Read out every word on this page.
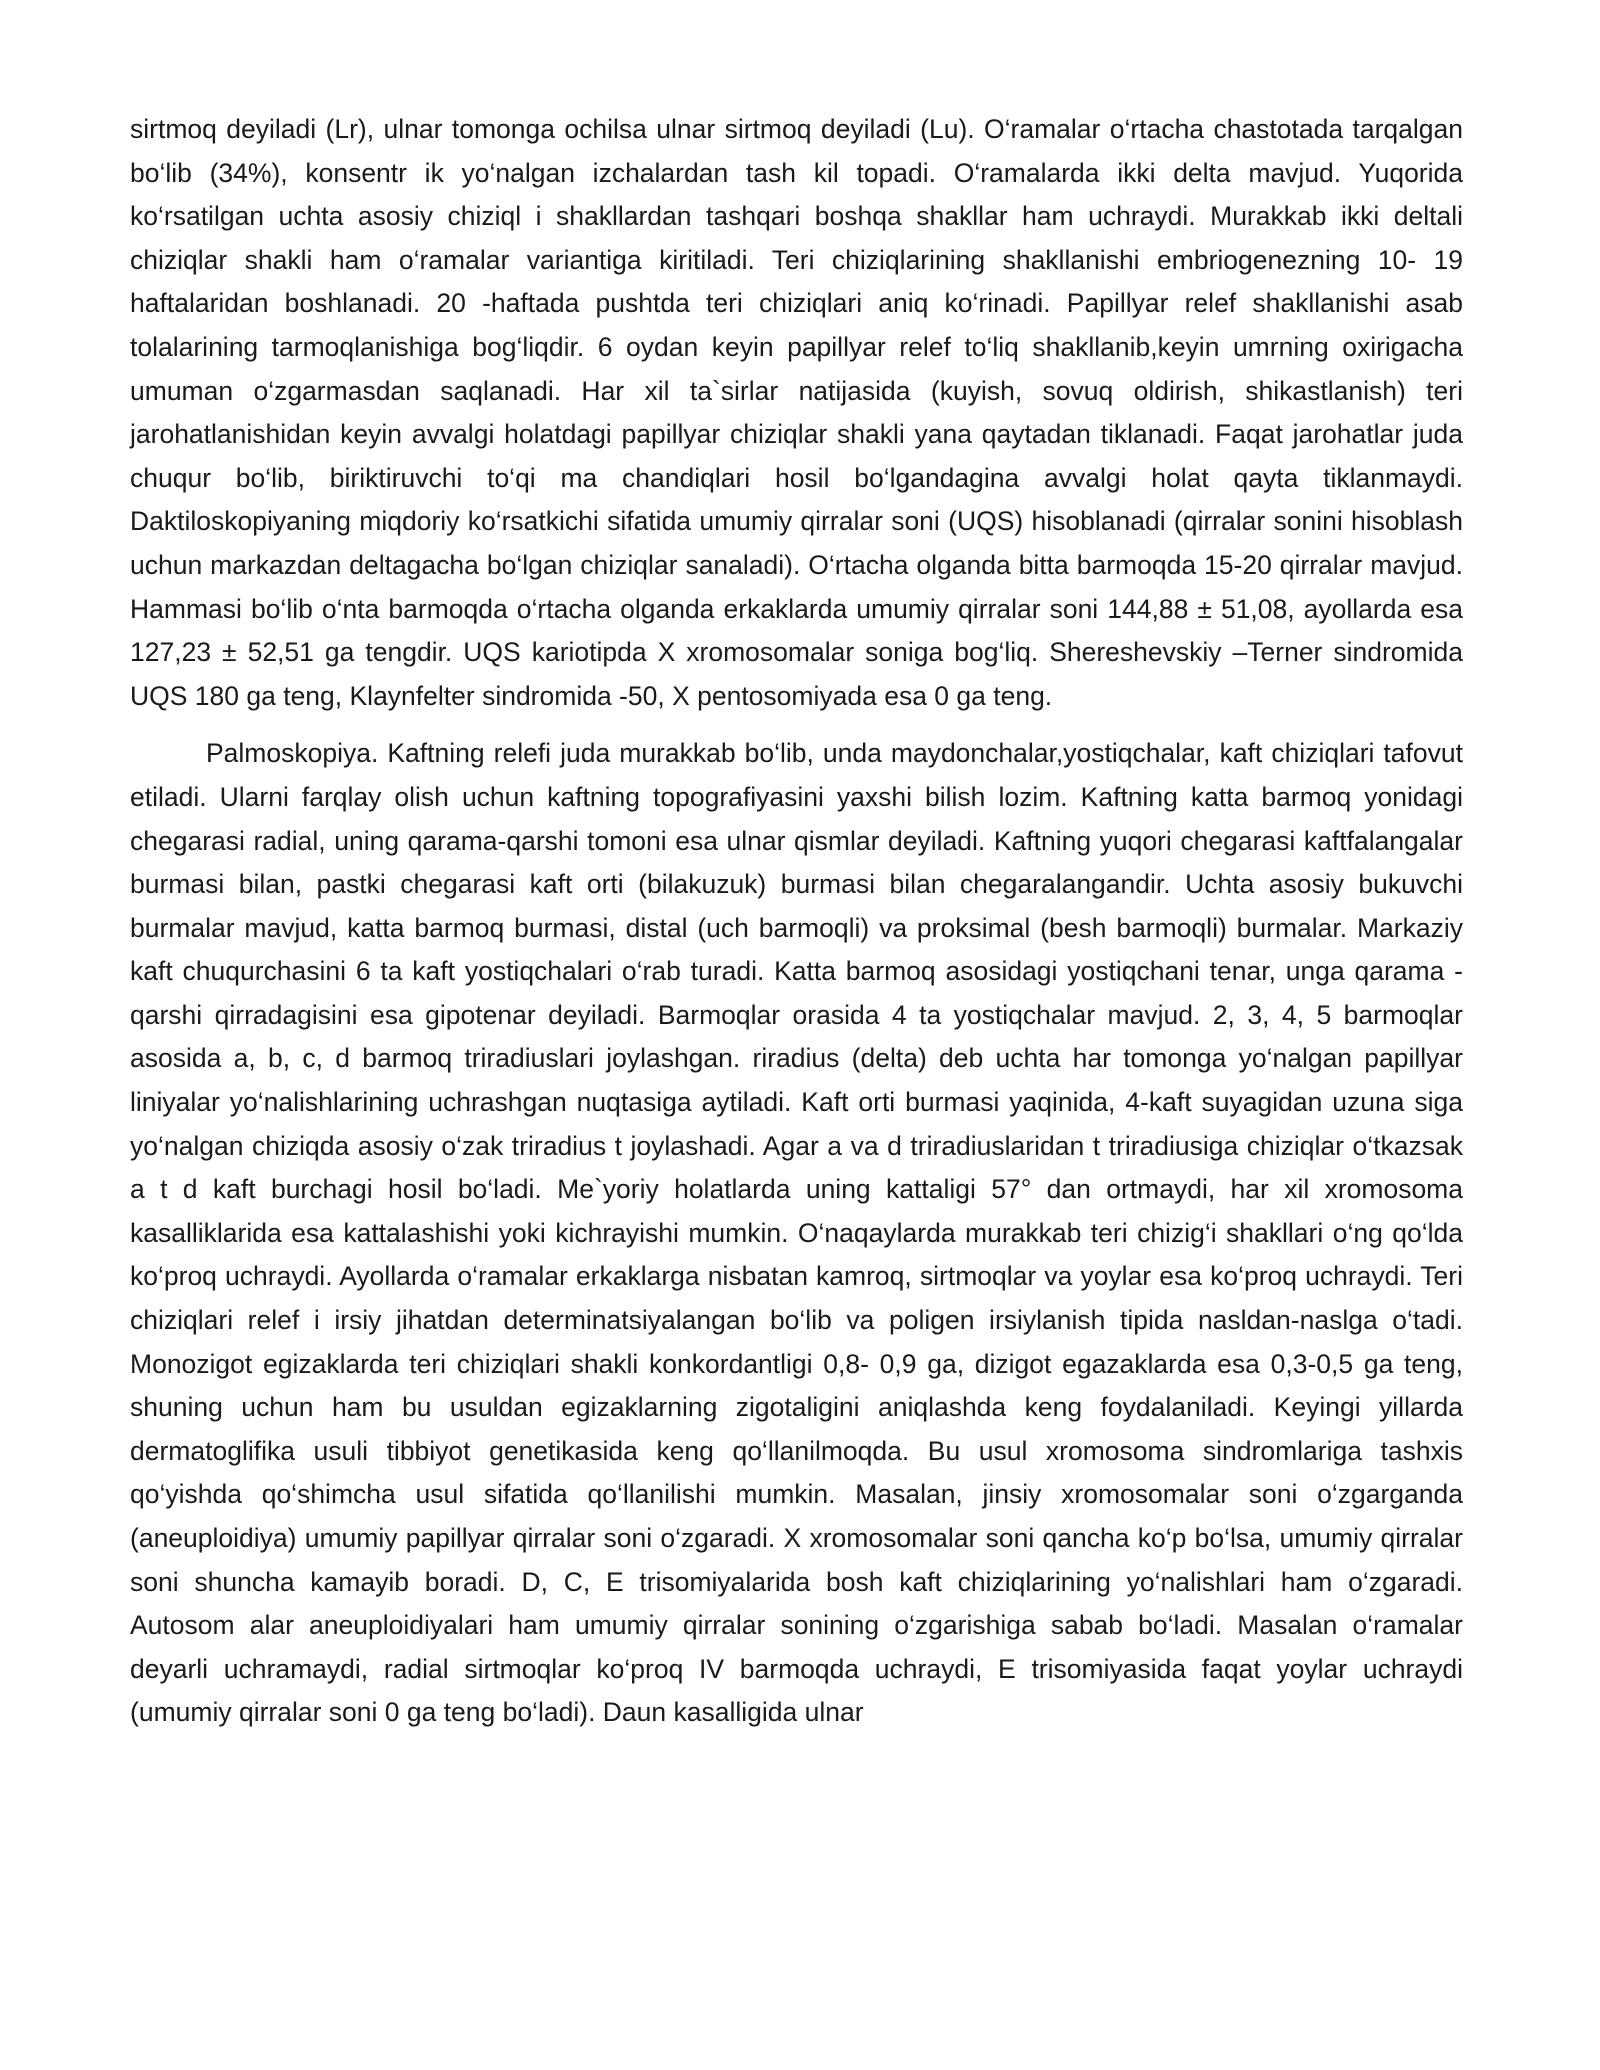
sirtmoq deyiladi (Lr), ulnar tomonga ochilsa ulnar sirtmoq deyiladi (Lu). O‘ramalar o‘rtacha chastotada tarqalgan bo‘lib (34%), konsentr ik yo‘nalgan izchalardan tash kil topadi. O‘ramalarda ikki delta mavjud. Yuqorida ko‘rsatilgan uchta asosiy chiziql i shakllardan tashqari boshqa shakllar ham uchraydi. Murakkab ikki deltali chiziqlar shakli ham o‘ramalar variantiga kiritiladi. Teri chiziqlarining shakllanishi embriogenezning 10- 19 haftalaridan boshlanadi. 20 -haftada pushtda teri chiziqlari aniq ko‘rinadi. Papillyar relef shakllanishi asab tolalarining tarmoqlanishiga bog‘liqdir. 6 oydan keyin papillyar relef to‘liq shakllanib,keyin umrning oxirigacha umuman o‘zgarmasdan saqlanadi. Har xil ta`sirlar natijasida (kuyish, sovuq oldirish, shikastlanish) teri jarohatlanishidan keyin avvalgi holatdagi papillyar chiziqlar shakli yana qaytadan tiklanadi. Faqat jarohatlar juda chuqur bo‘lib, biriktiruvchi to‘qi ma chandiqlari hosil bo‘lgandagina avvalgi holat qayta tiklanmaydi. Daktiloskopiyaning miqdoriy ko‘rsatkichi sifatida umumiy qirralar soni (UQS) hisoblanadi (qirralar sonini hisoblash uchun markazdan deltagacha bo‘lgan chiziqlar sanaladi). O‘rtacha olganda bitta barmoqda 15-20 qirralar mavjud. Hammasi bo‘lib o‘nta barmoqda o‘rtacha olganda erkaklarda umumiy qirralar soni 144,88 ± 51,08, ayollarda esa 127,23 ± 52,51 ga tengdir. UQS kariotipda X xromosomalar soniga bog‘liq. Shereshevskiy –Terner sindromida UQS 180 ga teng, Klaynfelter sindromida -50, X pentosomiyada esa 0 ga teng.

Palmoskopiya. Kaftning relefi juda murakkab bo‘lib, unda maydonchalar,yostiqchalar, kaft chiziqlari tafovut etiladi. Ularni farqlay olish uchun kaftning topografiyasini yaxshi bilish lozim. Kaftning katta barmoq yonidagi chegarasi radial, uning qarama-qarshi tomoni esa ulnar qismlar deyiladi. Kaftning yuqori chegarasi kaftfalangalar burmasi bilan, pastki chegarasi kaft orti (bilakuzuk) burmasi bilan chegaralangandir. Uchta asosiy bukuvchi burmalar mavjud, katta barmoq burmasi, distal (uch barmoqli) va proksimal (besh barmoqli) burmalar. Markaziy kaft chuqurchasini 6 ta kaft yostiqchalari o‘rab turadi. Katta barmoq asosidagi yostiqchani tenar, unga qarama - qarshi qirradagisini esa gipotenar deyiladi. Barmoqlar orasida 4 ta yostiqchalar mavjud. 2, 3, 4, 5 barmoqlar asosida a, b, c, d barmoq triradiuslari joylashgan. riradius (delta) deb uchta har tomonga yo‘nalgan papillyar liniyalar yo‘nalishlarining uchrashgan nuqtasiga aytiladi. Kaft orti burmasi yaqinida, 4-kaft suyagidan uzuna siga yo‘nalgan chiziqda asosiy o‘zak triradius t joylashadi. Agar a va d triradiuslaridan t triradiusiga chiziqlar o‘tkazsak a t d kaft burchagi hosil bo‘ladi. Me`yoriy holatlarda uning kattaligi 57° dan ortmaydi, har xil xromosoma kasalliklarida esa kattalashishi yoki kichrayishi mumkin. O‘naqaylarda murakkab teri chizig‘i shakllari o‘ng qo‘lda ko‘proq uchraydi. Ayollarda o‘ramalar erkaklarga nisbatan kamroq, sirtmoqlar va yoylar esa ko‘proq uchraydi. Teri chiziqlari relef i irsiy jihatdan determinatsiyalangan bo‘lib va poligen irsiylanish tipida nasldan-naslga o‘tadi. Monozigot egizaklarda teri chiziqlari shakli konkordantligi 0,8- 0,9 ga, dizigot egazaklarda esa 0,3-0,5 ga teng, shuning uchun ham bu usuldan egizaklarning zigotaligini aniqlashda keng foydalaniladi. Keyingi yillarda dermatoglifika usuli tibbiyot genetikasida keng qo‘llanilmoqda. Bu usul xromosoma sindromlariga tashxis qo‘yishda qo‘shimcha usul sifatida qo‘llanilishi mumkin. Masalan, jinsiy xromosomalar soni o‘zgarganda (aneuploidiya) umumiy papillyar qirralar soni o‘zgaradi. X xromosomalar soni qancha ko‘p bo‘lsa, umumiy qirralar soni shuncha kamayib boradi. D, C, E trisomiyalarida bosh kaft chiziqlarining yo‘nalishlari ham o‘zgaradi. Autosom alar aneuploidiyalari ham umumiy qirralar sonining o‘zgarishiga sabab bo‘ladi. Masalan o‘ramalar deyarli uchramaydi, radial sirtmoqlar ko‘proq IV barmoqda uchraydi, E trisomiyasida faqat yoylar uchraydi (umumiy qirralar soni 0 ga teng bo‘ladi). Daun kasalligida ulnar
